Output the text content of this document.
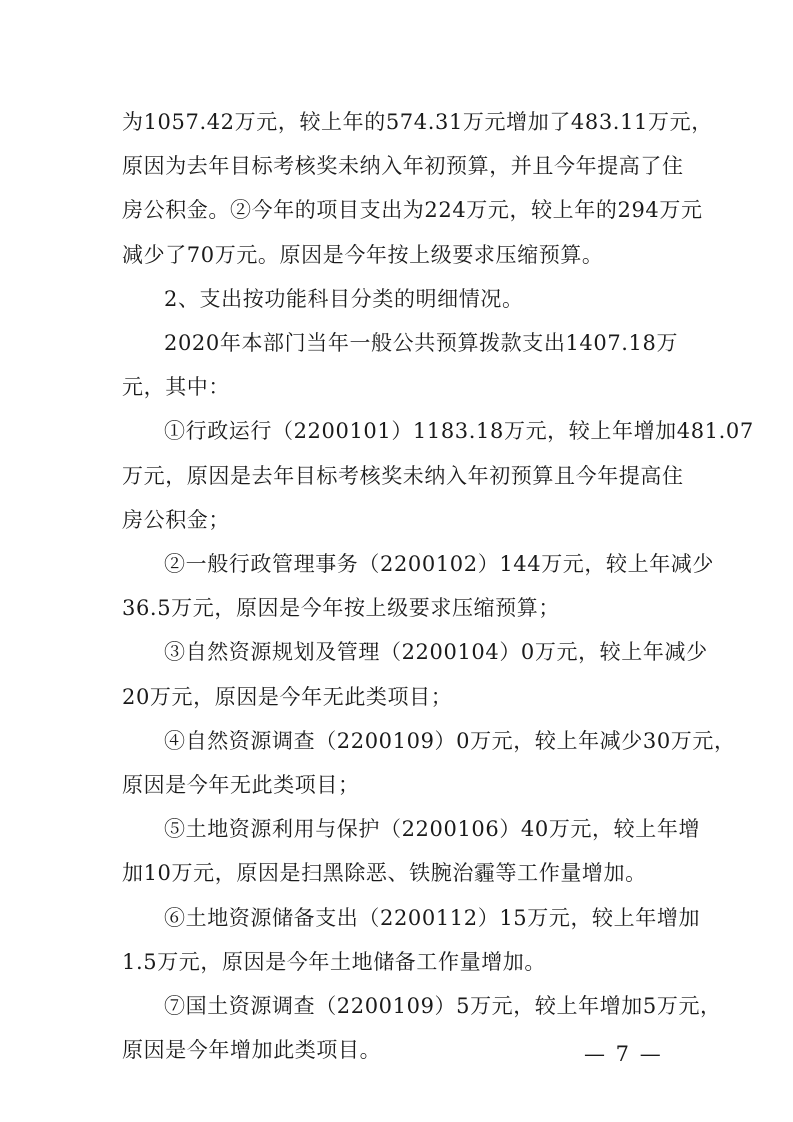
为1057.42万元，较上年的574.31万元增加了483.11万元，
原因为去年目标考核奖未纳入年初预算，并且今年提高了住
房公积金。②今年的项目支出为224万元，较上年的294万元
减少了70万元。原因是今年按上级要求压缩预算。
2、支出按功能科目分类的明细情况。
2020年本部门当年一般公共预算拨款支出1407.18万
元，其中：
①行政运行（2200101）1183.18万元，较上年增加481.07
万元，原因是去年目标考核奖未纳入年初预算且今年提高住
房公积金；
②一般行政管理事务（2200102）144万元，较上年减少
36.5万元，原因是今年按上级要求压缩预算；
③自然资源规划及管理（2200104）0万元，较上年减少
20万元，原因是今年无此类项目；
④自然资源调查（2200109）0万元，较上年减少30万元，
原因是今年无此类项目；
⑤土地资源利用与保护（2200106）40万元，较上年增
加10万元，原因是扫黑除恶、铁腕治霾等工作量增加。
⑥土地资源储备支出（2200112）15万元，较上年增加
1.5万元，原因是今年土地储备工作量增加。
⑦国土资源调查（2200109）5万元，较上年增加5万元，
原因是今年增加此类项目。	— 7 —
